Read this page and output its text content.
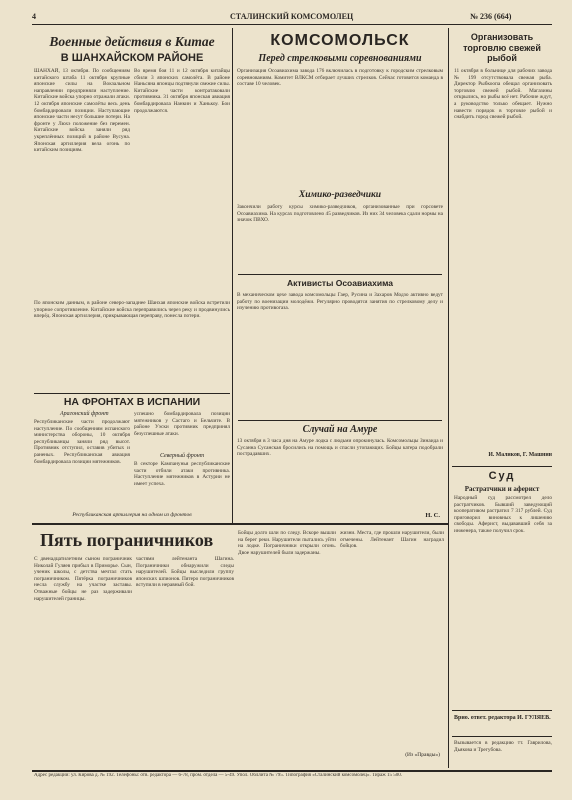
4	СТАЛИНСКИЙ КОМСОМОЛЕЦ	№ 236 (664)
Военные действия в Китае
В ШАНХАЙСКОМ РАЙОНЕ
ШАНХАЙ, 13 октября. По сообщениям китайского штаба 11 октября крупные японские силы на Вокзальном направлении предприняли наступление. Китайские войска упорно отражали атаки. 12 октября японские самолёты весь день бомбардировали позиции. Наступающие японские части несут большие потери. На фронте у Люхэ положение без перемен. Китайские войска заняли ряд укреплённых позиций в районе Вусуна. Японская артиллерия вела огонь по китайским позициям.
Во время боя 11 и 12 октября китайцы сбили 3 японских самолёта. В районе Наньсяна японцы подтянули свежие силы. Китайские части контратаковали противника. 31 октября японская авиация бомбардировала Нанкин и Ханькоу. Бои продолжаются.
По японским данным, в районе северо-западнее Шанхая японские войска встретили упорное сопротивление. Китайские войска переправились через реку и продвинулись вперёд. Японская артиллерия, прикрывающая переправу, понесла потери.
НА ФРОНТАХ В ИСПАНИИ
Арагонский фронт
Республиканские части продолжают наступление. По сообщениям испанского министерства обороны, 10 октября республиканцы заняли ряд высот. Противник отступил, оставив убитых и раненых. Республиканская авиация бомбардировала позиции мятежников.
успешно бомбардировала позиции мятежников у Састаго и Бельчите. В районе Уэски противник предпринял безуспешные атаки.
Северный фронт
В секторе Кампанунья республиканские части отбили атаки противника. Наступление мятежников в Астурии не имеет успеха.
Республиканская артиллерия на одном из фронтов
КОМСОМОЛЬСК
Перед стрелковыми соревнованиями
Организация Осоавиахима завода 176 включилась в подготовку к городским стрелковым соревнованиям. Комитет ВЛКСМ отбирает лучших стрелков. Сейчас готовится команда в составе 10 человек.
Химико-разведчики
Закончили работу курсы химико-разведчиков, организованные при горсовете Осоавиахима. На курсах подготовлено 45 разведчиков. Из них 34 человека сдали нормы на значок ПВХО.
Активисты Осоавиахима
В механическом цехе завода комсомольцы Гаер, Русина и Захаров Модзо активно ведут работу по военизации молодёжи. Регулярно проводятся занятия по стрелковому делу и изучению противогаза.
Случай на Амуре
13 октября в 3 часа дня на Амуре лодка с людьми опрокинулась. Комсомольцы Зинаида и Сусанна Сусанская бросились на помощь и спасли утопающих. Бойцы катера подобрали пострадавших.
Н. С.
Пять пограничников
С двенадцатилетним сыном пограничник Николай Гуляев прибыл в Приморье. Сын, ученик школы, с детства мечтал стать пограничником. Пятёрка пограничников несла службу на участке заставы. Отважные бойцы не раз задерживали нарушителей границы.
частями лейтенанта Шагина. Пограничники обнаружили следы нарушителей. Бойцы выследили группу японских шпионов. Пятеро пограничников вступили в неравный бой.
Бойцы долго шли по следу. Вскоре вышли на берег реки. Нарушители пытались уйти на лодке. Пограничники открыли огонь. Двое нарушителей были задержаны.
жизни. Места, где прошли нарушители, были отмечены. Лейтенант Шагин наградил бойцов.
(Из «Правды»)
Организовать торговлю свежей рыбой
11 октября в больнице для рабочих завода № 199 отсутствовала свежая рыба. Директор Рыбкоопа обещал организовать торговлю свежей рыбой. Магазины открылись, но рыбы всё нет. Рабочие ждут, а руководство только обещает. Нужно навести порядок в торговле рыбой и снабдить город свежей рыбой.
И. Маликов, Г. Машнин
Суд
Растратчики и аферист
Народный суд рассмотрел дело растратчиков. Бывший заведующий кооперативом растратил 7 317 рублей. Суд приговорил виновных к лишению свободы. Аферист, выдававший себя за инженера, также получил срок.
Врио. ответ. редактора И. ГУЛЯЕВ.
Вызывается в редакцию тт. Гаврилова, Дьякова и Трегубова.
Адрес редакции: ул. Кирова д. № 192. Телефоны: отв. редактора — 6-78, пром. отдела — 5-49. Упол. Обллита № 795. Типография «Сталинский комсомолец». Тираж 15 500.
